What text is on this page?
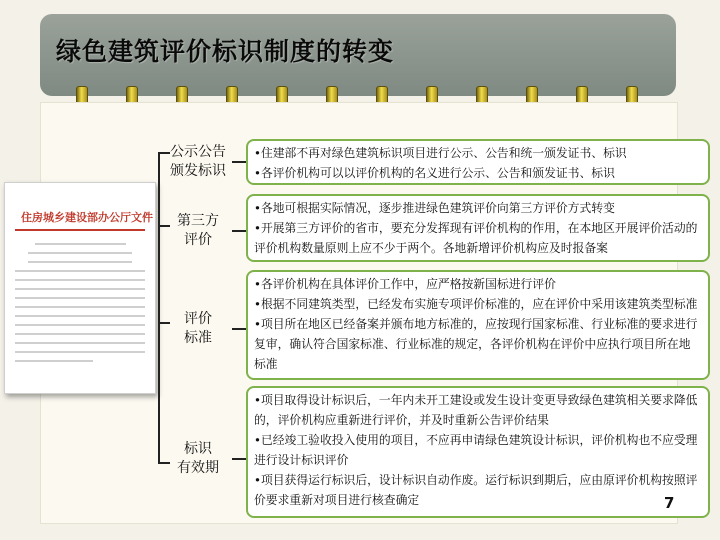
绿色建筑评价标识制度的转变
住房城乡建设部办公厅文件
公示公告
颁发标识
•住建部不再对绿色建筑标识项目进行公示、公告和统一颁发证书、标识
•各评价机构可以以评价机构的名义进行公示、公告和颁发证书、标识
第三方
评价
•各地可根据实际情况，逐步推进绿色建筑评价向第三方评价方式转变
•开展第三方评价的省市，要充分发挥现有评价机构的作用，在本地区开展评价活动的评价机构数量原则上应不少于两个。各地新增评价机构应及时报备案
评价
标准
•各评价机构在具体评价工作中，应严格按新国标进行评价
•根据不同建筑类型，已经发布实施专项评价标准的，应在评价中采用该建筑类型标准
•项目所在地区已经备案并颁布地方标准的，应按现行国家标准、行业标准的要求进行复审，确认符合国家标准、行业标准的规定，各评价机构在评价中应执行项目所在地标准
标识
有效期
•项目取得设计标识后，一年内未开工建设或发生设计变更导致绿色建筑相关要求降低的，评价机构应重新进行评价，并及时重新公告评价结果
•已经竣工验收投入使用的项目，不应再申请绿色建筑设计标识，评价机构也不应受理进行设计标识评价
•项目获得运行标识后，设计标识自动作废。运行标识到期后，应由原评价机构按照评价要求重新对项目进行核查确定	7
